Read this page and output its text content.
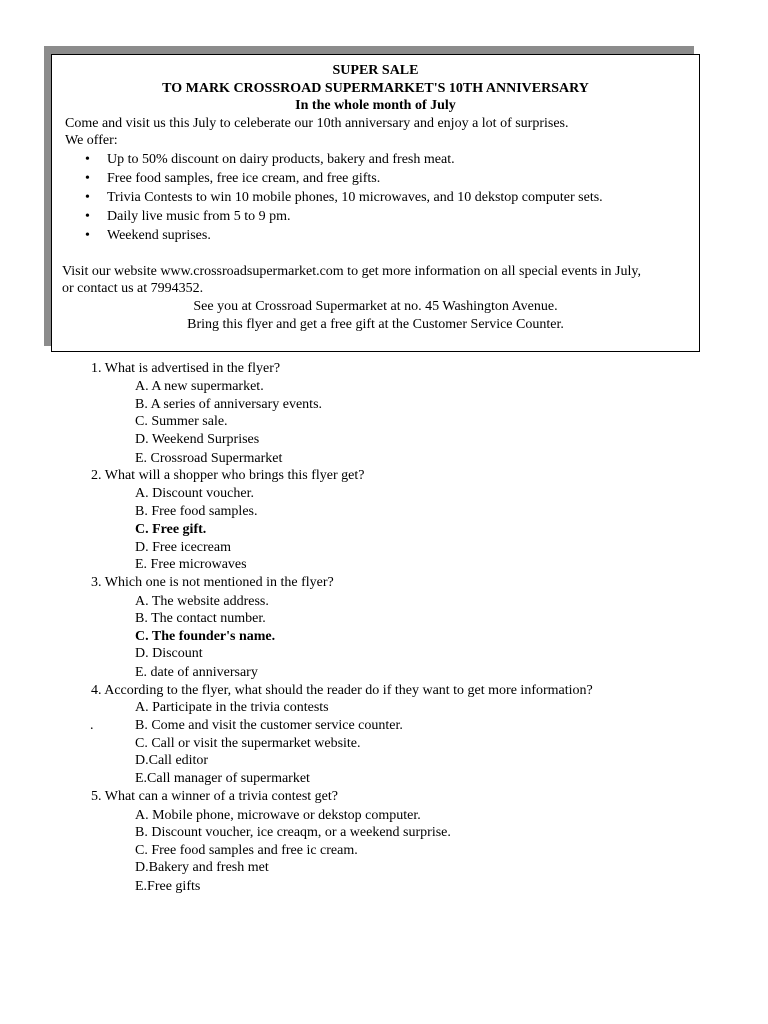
SUPER SALE
TO MARK CROSSROAD SUPERMARKET'S 10TH ANNIVERSARY
In the whole month of July
Come and visit us this July to celeberate our 10th anniversary and enjoy a lot of surprises.
We offer:
• Up to 50% discount on dairy products, bakery and fresh meat.
• Free food samples, free ice cream, and free gifts.
• Trivia Contests to win 10 mobile phones, 10 microwaves, and 10 dekstop computer sets.
• Daily live music from 5 to 9 pm.
• Weekend suprises.
Visit our website www.crossroadsupermarket.com to get more information on all special events in July,
or contact us at 7994352.
See you at Crossroad Supermarket at no. 45 Washington Avenue.
Bring this flyer and get a free gift at the Customer Service Counter.
1. What is advertised in the flyer?
A. A new supermarket.
B. A series of anniversary events.
C. Summer sale.
D. Weekend Surprises
E. Crossroad Supermarket
2. What will a shopper who brings this flyer get?
A. Discount voucher.
B. Free food samples.
C. Free gift.
D. Free icecream
E. Free microwaves
3. Which one is not mentioned in the flyer?
A. The website address.
B. The contact number.
C. The founder's name.
D. Discount
E. date of anniversary
4. According to the flyer, what should the reader do if they want to get more information?
A. Participate in the trivia contests
.	B. Come and visit the customer service counter.
C. Call or visit the supermarket website.
D.Call editor
E.Call manager of supermarket
5. What can a winner of a trivia contest get?
A. Mobile phone, microwave or dekstop computer.
B. Discount voucher, ice creaqm, or a weekend surprise.
C. Free food samples and free ic cream.
D.Bakery and fresh met
E.Free gifts
